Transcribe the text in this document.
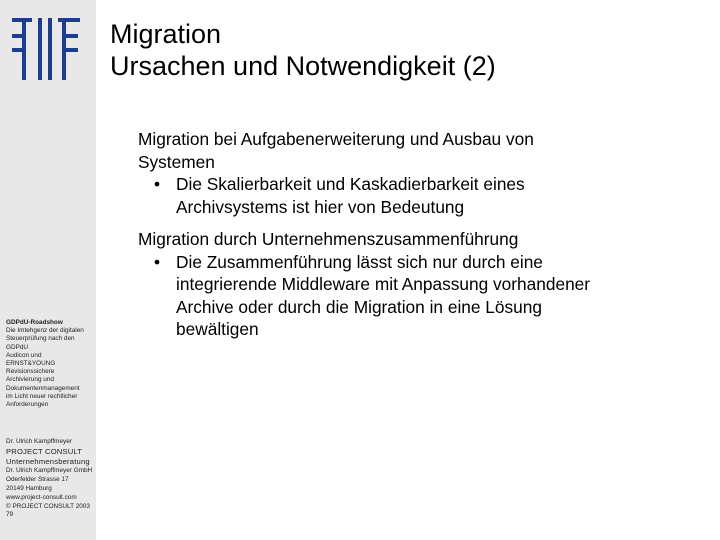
GDPdU-Roadshow
Die Imtehgenz der digitalen
Steuerprüfung nach den
GDPdU
Audicon und
ERNST&YOUNG
Revisionssichere
Archivierung und
Dokumentenmanagement
im Licht neuer rechtlicher
Anforderungen
Dr. Ulrich Kampffmeyer
PROJECT CONSULT
Unternehmensberatung
Dr. Ulrich Kampffmeyer GmbH
Oderfelder Strasse 17
20149 Hamburg
www.project-consult.com
© PROJECT CONSULT 2003
79
Migration
Ursachen und Notwendigkeit (2)
Migration bei Aufgabenerweiterung und Ausbau von
Systemen
• Die Skalierbarkeit und Kaskadierbarkeit eines
Archivsystems ist hier von Bedeutung
Migration durch Unternehmenszusammenführung
• Die Zusammenführung lässt sich nur durch eine
integrierende Middleware mit Anpassung vorhandener
Archive oder durch die Migration in eine Lösung
bewältigen
